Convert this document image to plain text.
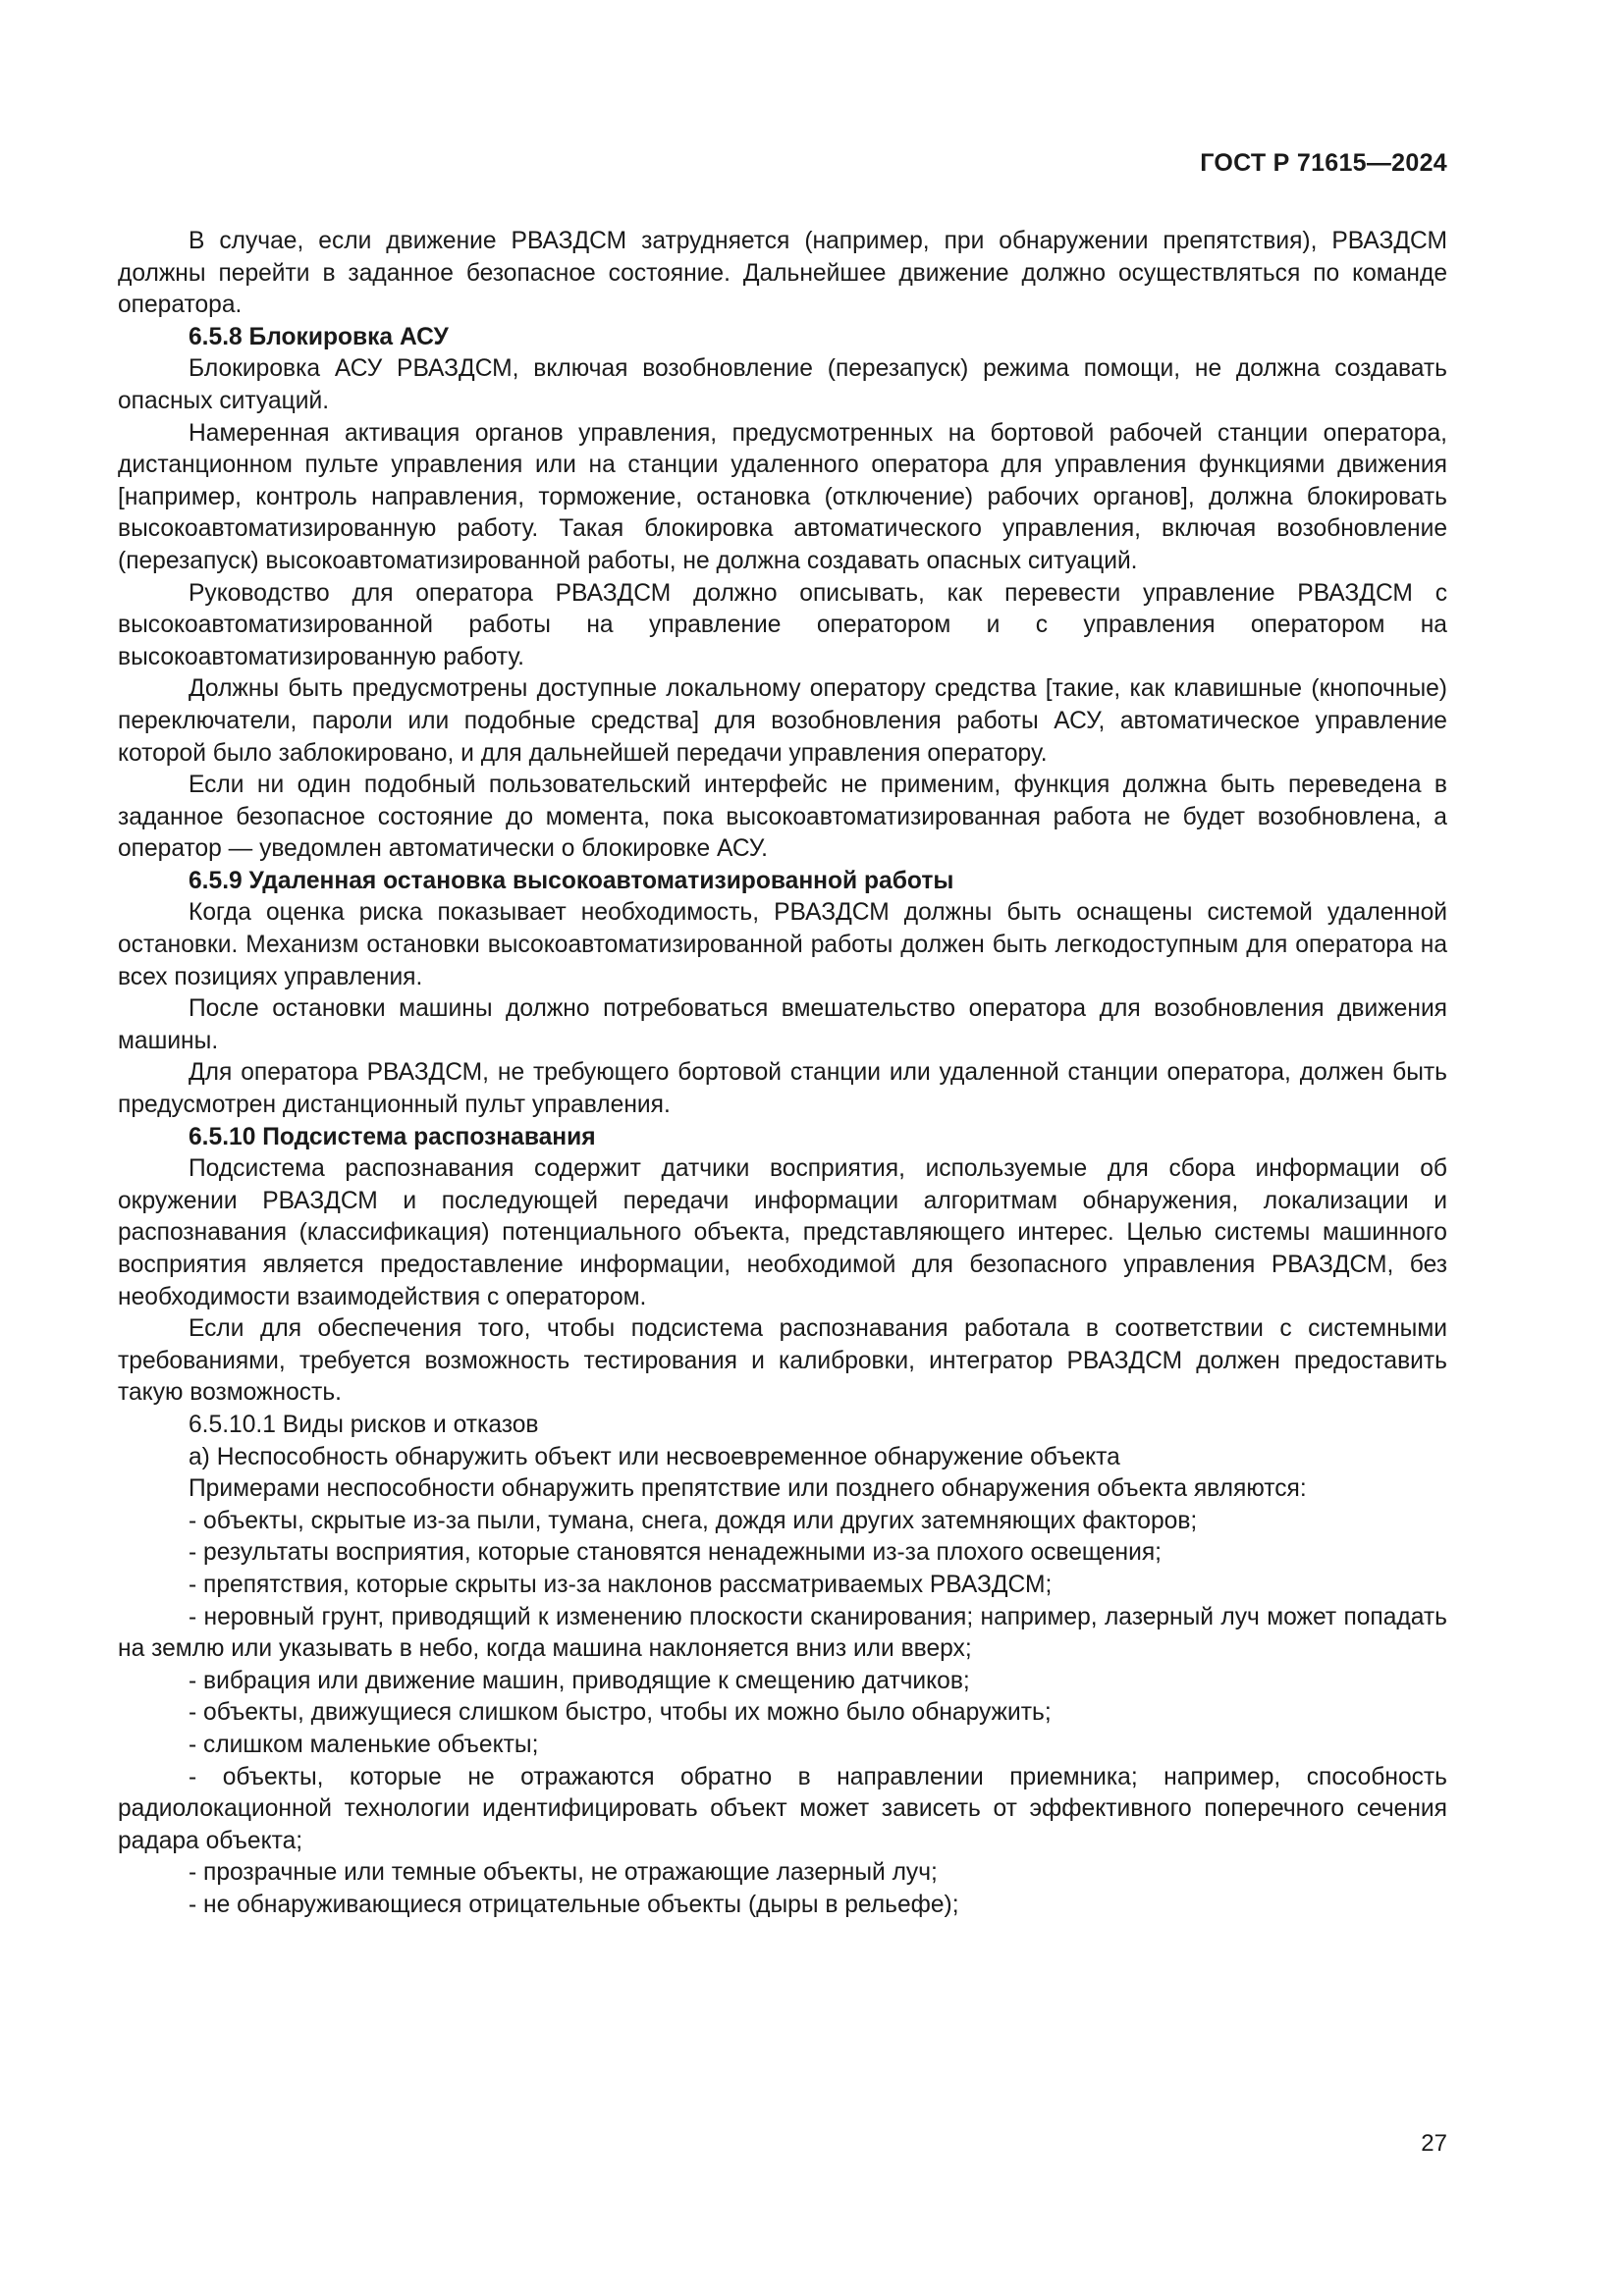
ГОСТ Р 71615—2024

В случае, если движение РВАЗДСМ затрудняется (например, при обнаружении препятствия), РВАЗДСМ должны перейти в заданное безопасное состояние. Дальнейшее движение должно осуществляться по команде оператора.

6.5.8 Блокировка АСУ

Блокировка АСУ РВАЗДСМ, включая возобновление (перезапуск) режима помощи, не должна создавать опасных ситуаций.

Намеренная активация органов управления, предусмотренных на бортовой рабочей станции оператора, дистанционном пульте управления или на станции удаленного оператора для управления функциями движения [например, контроль направления, торможение, остановка (отключение) рабочих органов], должна блокировать высокоавтоматизированную работу. Такая блокировка автоматического управления, включая возобновление (перезапуск) высокоавтоматизированной работы, не должна создавать опасных ситуаций.

Руководство для оператора РВАЗДСМ должно описывать, как перевести управление РВАЗДСМ с высокоавтоматизированной работы на управление оператором и с управления оператором на высокоавтоматизированную работу.

Должны быть предусмотрены доступные локальному оператору средства [такие, как клавишные (кнопочные) переключатели, пароли или подобные средства] для возобновления работы АСУ, автоматическое управление которой было заблокировано, и для дальнейшей передачи управления оператору.

Если ни один подобный пользовательский интерфейс не применим, функция должна быть переведена в заданное безопасное состояние до момента, пока высокоавтоматизированная работа не будет возобновлена, а оператор — уведомлен автоматически о блокировке АСУ.

6.5.9 Удаленная остановка высокоавтоматизированной работы

Когда оценка риска показывает необходимость, РВАЗДСМ должны быть оснащены системой удаленной остановки. Механизм остановки высокоавтоматизированной работы должен быть легкодоступным для оператора на всех позициях управления.

После остановки машины должно потребоваться вмешательство оператора для возобновления движения машины.

Для оператора РВАЗДСМ, не требующего бортовой станции или удаленной станции оператора, должен быть предусмотрен дистанционный пульт управления.

6.5.10 Подсистема распознавания

Подсистема распознавания содержит датчики восприятия, используемые для сбора информации об окружении РВАЗДСМ и последующей передачи информации алгоритмам обнаружения, локализации и распознавания (классификация) потенциального объекта, представляющего интерес. Целью системы машинного восприятия является предоставление информации, необходимой для безопасного управления РВАЗДСМ, без необходимости взаимодействия с оператором.

Если для обеспечения того, чтобы подсистема распознавания работала в соответствии с системными требованиями, требуется возможность тестирования и калибровки, интегратор РВАЗДСМ должен предоставить такую возможность.

6.5.10.1 Виды рисков и отказов

а) Неспособность обнаружить объект или несвоевременное обнаружение объекта

Примерами неспособности обнаружить препятствие или позднего обнаружения объекта являются:

- объекты, скрытые из-за пыли, тумана, снега, дождя или других затемняющих факторов;

- результаты восприятия, которые становятся ненадежными из-за плохого освещения;

- препятствия, которые скрыты из-за наклонов рассматриваемых РВАЗДСМ;

- неровный грунт, приводящий к изменению плоскости сканирования; например, лазерный луч может попадать на землю или указывать в небо, когда машина наклоняется вниз или вверх;

- вибрация или движение машин, приводящие к смещению датчиков;

- объекты, движущиеся слишком быстро, чтобы их можно было обнаружить;

- слишком маленькие объекты;

- объекты, которые не отражаются обратно в направлении приемника; например, способность радиолокационной технологии идентифицировать объект может зависеть от эффективного поперечного сечения радара объекта;

- прозрачные или темные объекты, не отражающие лазерный луч;

- не обнаруживающиеся отрицательные объекты (дыры в рельефе);

27
